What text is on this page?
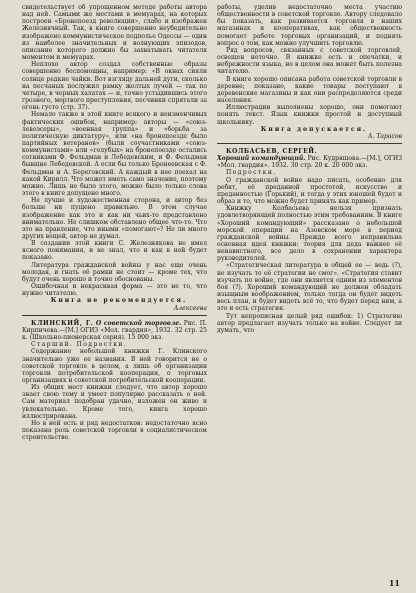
свидетельствует об упрощенном методе работы автора над ней. Самыми же местами в мемуарах, на которых построен «Бронепоезд революции», слабо и изображен Железнячный. Так, в книге совершенно неубедительно изображено коммунистическое подполье Одессы — один из наиболее значительных и волнующих эпизодов, описание которого должно бы захватывать читателя моментом и мемуарах.

Неплохо автор создал собственные образы совершенно беспомощны, например: «В окнах сияли солнце редкие чайки. Вот взгляду дальней дуги, сколько на песчаных послужил рамку желтых лучей — так по четыре, в черных халатах — и, точно устыдившись этого грозного, мертвого преступления, песчинки спрятали за огонь густо (стр. 37).

Немало также в этой книге всякого и неизменчивых фактических ошибок, например: авторы — «союз-левоэсеры», «военная группа» и «борьба за политическую диктатуру», или «на бронепоезде было партийных ветеранов» (были соучастниками «союз-коммунистами» или «голубых» на бронепоезде остались сотниками Ф. Фельдман и Лебедевским, и Ф. Фельдман бывшие Лебедевской. А если бы только Бронеевская с Ф. Фельдман и А. Береговский. А каждый в нее поехал на какой Кирилл. Что может иметь само значение, поэтому можно. Лишь не было этого, можно было только слова этого в книге допущено много.

Не лучше и художественная сторона, и автор без больше ни пущено правильно. В этом случае изображение как это и как ни чьих-то представлено внимательно. Не слишком обставлено общее что-то. Что это на правление, что иными «помогают»? Не ли много других вещей, автор не думал.

В создании этой книги С. Железнякова не имел ясного понимания, и не знал, что и как в ней будет показано.

Литература гражданской войны у нас еще очень молодая, и гнать её рамки не стоит — кроме тех, что будут очень хорошо и точно обоснованы.

Ошибочная и некрасивая форма — это не то, что нужно читателю.

Книга не рекомендуется.

Алексеева

КЛИНСКИЙ, Г. О советской торговле. Рис. П. Кирпичева.—[М.] ОГИЗ «Мол. гвардия», 1932. 32 стр. 25 к. (Школьно-пионерская серия). 15 000 экз.

Старший. Подростки.

Содержание небольшой книжки Г. Клинского значительно уже ее названия. В ней говорится не о советской торговле в целом, а лишь об организации торговли потребительской кооперации, о торговых организациях и советской потребительской кооперации.

Из общих мест книжки следует, что автор хорошо знает свою тему и умеет популярно рассказать о ней. Сам материал подобран удачно, изложен он живо и увлекательно. Кроме того, книга хорошо иллюстрирована.

Но в ней есть и ряд недостатков: недостаточно ясно показана роль советской торговли в социалистическом строительстве.

работы, уделив недостаточно места участию общественности в советской торговле. Автору следовало бы показать, как развивается торговля в наших магазинах и кооперативах, как общественность помогает работе торговых организаций, и поднять вопрос о том, как можно улучшить торговлю.

Ряд вопросов, связанных с советской торговлей, освещен неточно. В книжке есть и опечатки, и небрежности языка, но в целом она может быть полезна читателю.

В книге хорошо описана работа советской торговли в деревне; показано, какие товары поступают в деревенские магазины и как они распределяются среди населения.

Иллюстрации выполнены хорошо, они помогают понять текст. Язык книжки простой и доступный школьнику.

Книга допускается.

А. Тарасов

КОЛБАСЬЕВ, СЕРГЕЙ.
Хороший командующий. Рис. Кудряшова.—[М.], ОГИЗ «Мол. гвардия». 1932. 30 стр. 20 к. 20 000 экз.

Подростки.

О гражданской войне надо писать, особенно для ребят, её преданной простотой, искусство и преданностью (Горький), и тогда у этих юношей будет и образ и то, что можно будет принять как пример.

Книжку Колбасьева нельзя признать удовлетворяющей полностью этим требованиям. В книге «Хороший командующий» рассказано о небольшой морской операции на Азовском море в период гражданской войны. Прежде всего неправильна основная идея книжки: теория для деда важнее её ненавистного, все дело в сохранении характера руководителей.

«Стратегическая литература в общей ее — ведь (?), не изучать то её стратегии не смог». «Стратегия ставит изучать по войне, где они является одним из элементов боя (?). Хороший командующий не должен обладать изыщным воображением, только тогда он будет видеть весь план, и будет видеть всё то, что будет перед ним, а это и есть стратегия.

Тут непрописная целый ряд ошибок: 1) Стратегию автор предлагает изучать только на войне. Следует ли думать, что

11
